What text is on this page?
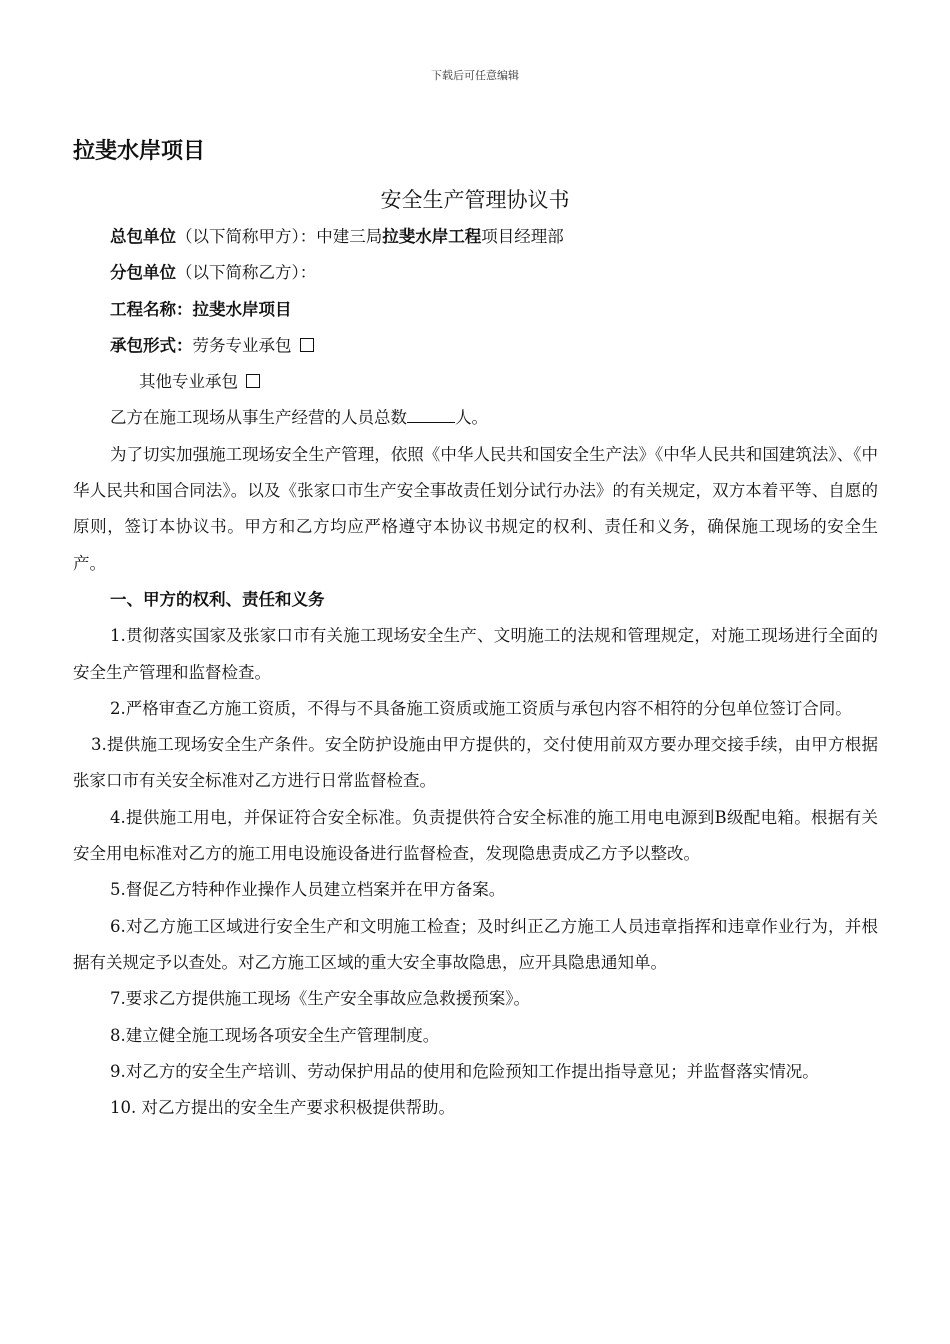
下载后可任意编辑
拉斐水岸项目
安全生产管理协议书
总包单位（以下简称甲方）：中建三局拉斐水岸工程项目经理部
分包单位（以下简称乙方）：
工程名称：拉斐水岸项目
承包形式：劳务专业承包
其他专业承包
乙方在施工现场从事生产经营的人员总数	人。
为了切实加强施工现场安全生产管理，依照《中华人民共和国安全生产法》《中华人民共和国建筑法》、《中华人民共和国合同法》。以及《张家口市生产安全事故责任划分试行办法》的有关规定，双方本着平等、自愿的原则，签订本协议书。甲方和乙方均应严格遵守本协议书规定的权利、责任和义务，确保施工现场的安全生产。
一、甲方的权利、责任和义务
1.贯彻落实国家及张家口市有关施工现场安全生产、文明施工的法规和管理规定，对施工现场进行全面的安全生产管理和监督检查。
2.严格审查乙方施工资质，不得与不具备施工资质或施工资质与承包内容不相符的分包单位签订合同。
3.提供施工现场安全生产条件。安全防护设施由甲方提供的，交付使用前双方要办理交接手续，由甲方根据张家口市有关安全标准对乙方进行日常监督检查。
4.提供施工用电，并保证符合安全标准。负责提供符合安全标准的施工用电电源到B级配电箱。根据有关安全用电标准对乙方的施工用电设施设备进行监督检查，发现隐患责成乙方予以整改。
5.督促乙方特种作业操作人员建立档案并在甲方备案。
6.对乙方施工区域进行安全生产和文明施工检查；及时纠正乙方施工人员违章指挥和违章作业行为，并根据有关规定予以查处。对乙方施工区域的重大安全事故隐患，应开具隐患通知单。
7.要求乙方提供施工现场《生产安全事故应急救援预案》。
8.建立健全施工现场各项安全生产管理制度。
9.对乙方的安全生产培训、劳动保护用品的使用和危险预知工作提出指导意见；并监督落实情况。
10. 对乙方提出的安全生产要求积极提供帮助。
